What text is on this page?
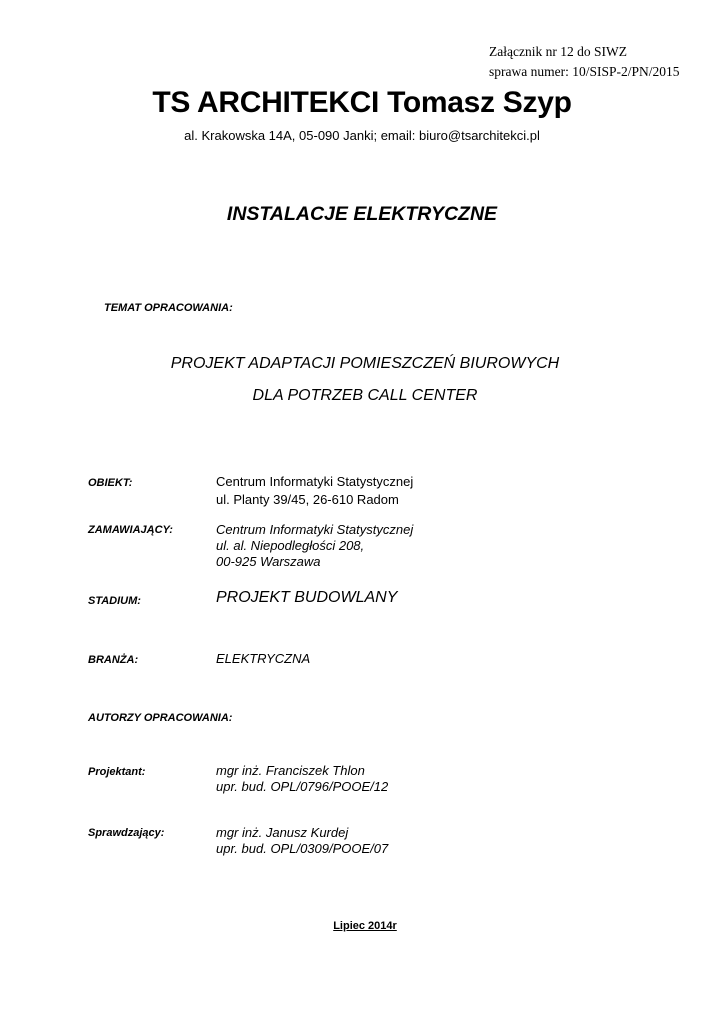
Załącznik nr 12 do SIWZ
sprawa numer: 10/SISP-2/PN/2015
TS ARCHITEKCI Tomasz Szyp
al. Krakowska 14A, 05-090 Janki; email: biuro@tsarchitekci.pl
INSTALACJE ELEKTRYCZNE
TEMAT OPRACOWANIA:
PROJEKT ADAPTACJI POMIESZCZEŃ BIUROWYCH
DLA POTRZEB CALL CENTER
OBIEKT:	Centrum Informatyki Statystycznej
ul. Planty 39/45, 26-610 Radom
ZAMAWIAJĄCY:	Centrum Informatyki Statystycznej
ul. al. Niepodległości 208,
00-925 Warszawa
STADIUM:	PROJEKT BUDOWLANY
BRANŻA:	ELEKTRYCZNA
AUTORZY OPRACOWANIA:
Projektant:	mgr inż. Franciszek Thlon
upr. bud. OPL/0796/POOE/12
Sprawdzający:	mgr inż. Janusz Kurdej
upr. bud. OPL/0309/POOE/07
Lipiec 2014r
